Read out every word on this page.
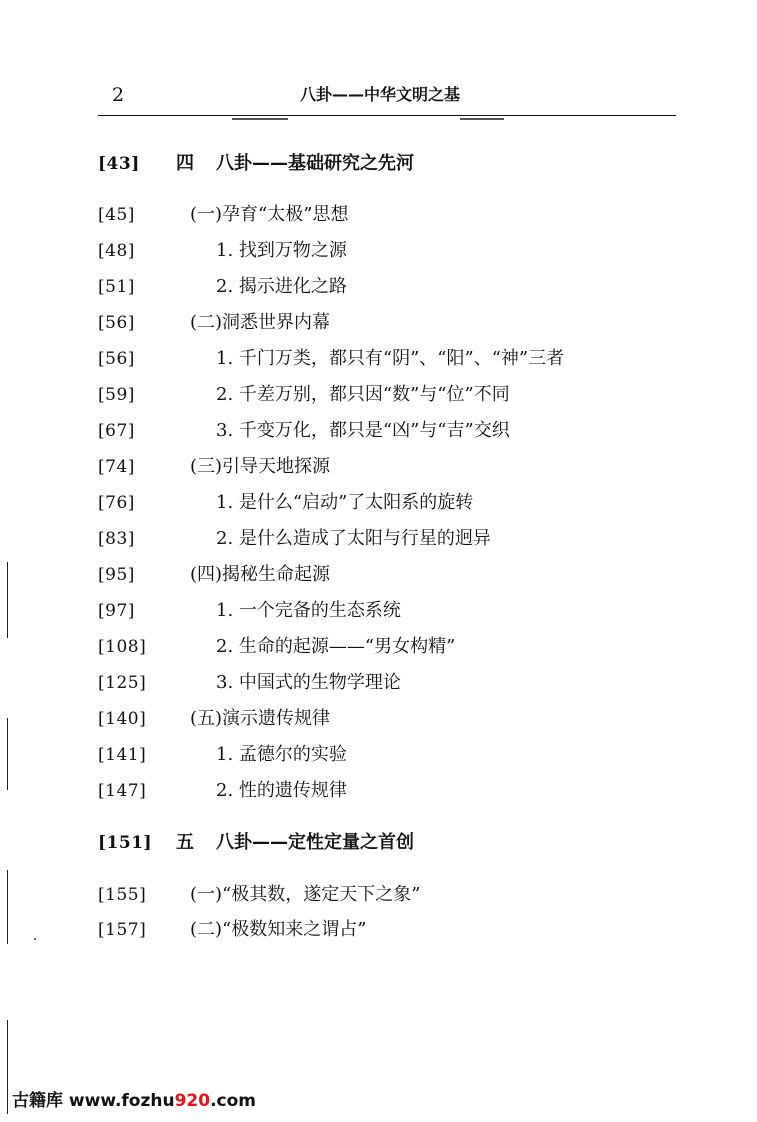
2	八卦——中华文明之基
[43] 四 八卦——基础研究之先河
[45]	(一)孕育“太极”思想
[48]	1. 找到万物之源
[51]	2. 揭示进化之路
[56]	(二)洞悉世界内幕
[56]	1. 千门万类，都只有“阴”、“阳”、“神”三者
[59]	2. 千差万别，都只因“数”与“位”不同
[67]	3. 千变万化，都只是“凶”与“吉”交织
[74]	(三)引导天地探源
[76]	1. 是什么“启动”了太阳系的旋转
[83]	2. 是什么造成了太阳与行星的迥异
[95]	(四)揭秘生命起源
[97]	1. 一个完备的生态系统
[108]	2. 生命的起源——“男女构精”
[125]	3. 中国式的生物学理论
[140] (五)演示遗传规律
[141]	1. 孟德尔的实验
[147]	2. 性的遗传规律
[151] 五 八卦——定性定量之首创
[155] (一)“极其数，遂定天下之象”
[157] (二)“极数知来之谓占”
古籍库 www.fozhu920.com
